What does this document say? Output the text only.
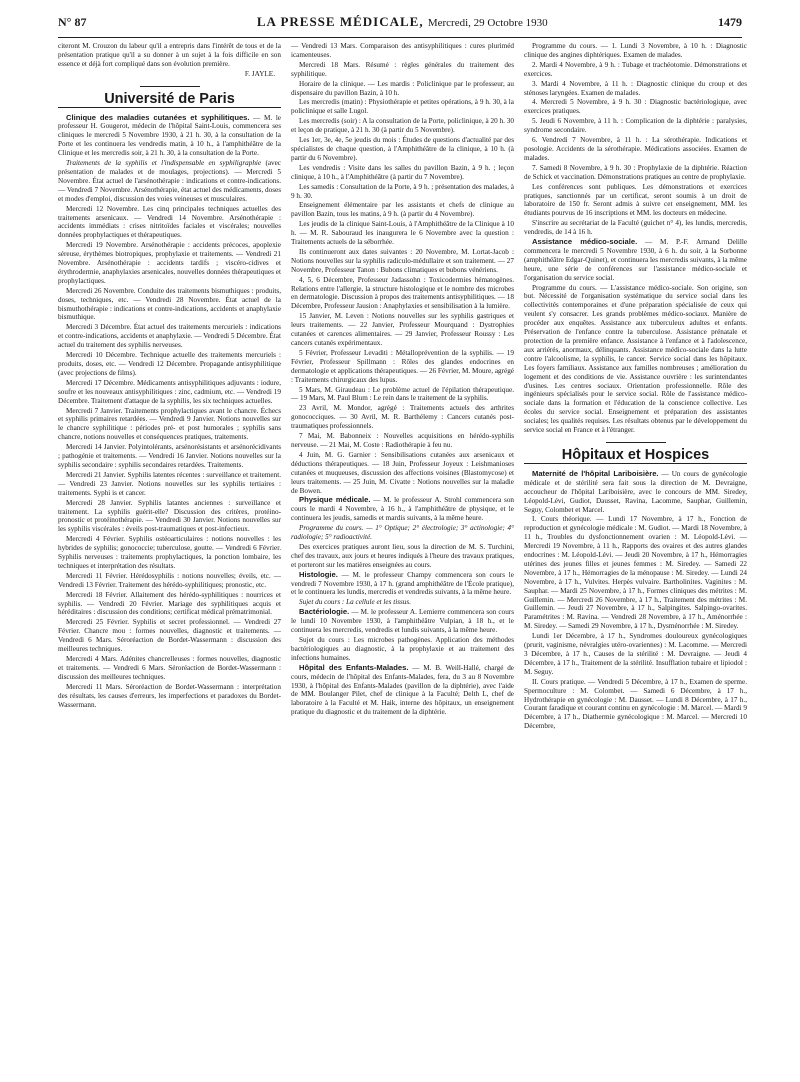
N° 87	LA PRESSE MÉDICALE, Mercredi, 29 Octobre 1930	1479

citeront M. Crouzon du labeur qu'il a entrepris dans l'intérêt de tous et de la présentation pratique qu'il a su donner à un sujet à la fois difficile en son essence et déjà fort compliqué dans son évolution première.

F. JAYLE.
Université de Paris

Clinique des maladies cutanées et syphilitiques. — M. le professeur H. Gougerot, médecin de l'hôpital Saint-Louis, commencera ses cliniques le mercredi 5 Novembre 1930, à 21 h. 30, à la consultation de la Porte et les continuera les vendredis matin, à 10 h., à l'amphithéâtre de la Clinique et les mercredis soir, à 21 h. 30, à la consultation de la Porte.

Traitements de la syphilis et l'indispensable en syphiligraphie (avec présentation de malades et de moulages, projections). — Mercredi 5 Novembre. État actuel de l'arsénothérapie : indications et contre-indications. — Vendredi 7 Novembre. Arsénothérapie, état actuel des médicaments, doses et modes d'emploi, discussion des voies veineuses et musculaires.

Mercredi 12 Novembre. Les cinq principales techniques actuelles des traitements arsenicaux. — Vendredi 14 Novembre. Arsénothérapie : accidents immédiats : crises nitritoïdes faciales et viscérales; nouvelles données prophylactiques et thérapeutiques.

Mercredi 19 Novembre. Arsénothérapie : accidents précoces, apoplexie séreuse, érythèmes biotropiques, prophylaxie et traitements. — Vendredi 21 Novembre. Arsénothérapie : accidents tardifs ; viscéro-cidives et érythrodermie, anaphylaxies arsenicales, nouvelles données thérapeutiques et prophylactiques.

Mercredi 26 Novembre. Conduite des traitements bismuthiques : produits, doses, techniques, etc. — Vendredi 28 Novembre. État actuel de la bismuthothérapie : indications et contre-indications, accidents et anaphylaxie bismuthique.

Mercredi 3 Décembre. État actuel des traitements mercuriels : indications et contre-indications, accidents et anaphylaxie. — Vendredi 5 Décembre. État actuel du traitement des syphilis nerveuses.

Mercredi 10 Décembre. Technique actuelle des traitements mercuriels : produits, doses, etc. — Vendredi 12 Décembre. Propagande antisyphilitique (avec projections de films).

Mercredi 17 Décembre. Médicaments antisyphilitiques adjuvants : iodure, soufre et les nouveaux antisyphilitiques : zinc, cadmium, etc. — Vendredi 19 Décembre. Traitement d'attaque de la syphilis, les six techniques actuelles.

Mercredi 7 Janvier. Traitements prophylactiques avant le chancre. Échecs et syphilis primaires retardées. — Vendredi 9 Janvier. Notions nouvelles sur le chancre syphilitique : périodes pré- et post humorales ; syphilis sans chancre, notions nouvelles et conséquences pratiques, traitements.

Mercredi 14 Janvier. Polyintolérants, arsénorésistants et arsénorécidivants ; pathogénie et traitements. — Vendredi 16 Janvier. Notions nouvelles sur la syphilis secondaire : syphilis secondaires retardées. Traitements.

Mercredi 21 Janvier. Syphilis latentes récentes : surveillance et traitement. — Vendredi 23 Janvier. Notions nouvelles sur les syphilis tertiaires : traitements. Syphi is et cancer.

Mercredi 28 Janvier. Syphilis latantes anciennes : surveillance et traitement. La syphilis guérit-elle? Discussion des critères, protéino-pronostic et protéinothérapie. — Vendredi 30 Janvier. Notions nouvelles sur les syphilis viscérales : éveils post-traumatiques et post-infectieux.

Mercredi 4 Février. Syphilis ostéoarticulaires : notions nouvelles : les hybrides de syphilis; gonococcie; tuberculose, goutte. — Vendredi 6 Février. Syphilis nerveuses : traitements prophylactiques, la ponction lombaire, les techniques et interprétation des résultats.

Mercredi 11 Février. Hérédosyphilis : notions nouvelles; éveils, etc. — Vendredi 13 Février. Traitement des hérédo-syphilitiques; pronostic, etc.

Mercredi 18 Février. Allaitement des hérédo-syphilitiques : nourrices et syphilis. — Vendredi 20 Février. Mariage des syphilitiques acquis et héréditaires : discussion des conditions; certificat médical prématrimonial.

Mercredi 25 Février. Syphilis et secret professionnel. — Vendredi 27 Février. Chancre mou : formes nouvelles, diagnostic et traitements. — Vendredi 6 Mars. Séroréaction de Bordet-Wassermann : discussion des meilleures techniques.

Mercredi 4 Mars. Adénites chancrelleuses : formes nouvelles, diagnostic et traitements. — Vendredi 6 Mars. Séroréaction de Bordet-Wassermann : discussion des meilleures techniques.

Mercredi 11 Mars. Séroréaction de Bordet-Wassermann : interprétation des résultats, les causes d'erreurs, les imperfections et paradoxes du Bordet-Wassermann.

— Vendredi 13 Mars. Comparaison des antisyphilitiques : cures pluriméd​icamenteuses.

Mercredi 18 Mars. Résumé : règles générales du traitement des syphilitique.

Horaire de la clinique. — Les mardis : Policlinique par le professeur, au dispensaire du pavillon Bazin, à 10 h.

Les mercredis (matin) : Physiothérapie et petites opérations, à 9 h. 30, à la policlinique et salle Lugol.

Les mercredis (soir) : A la consultation de la Porte, policlinique, à 20 h. 30 et leçon de pratique, à 21 h. 30 (à partir du 5 Novembre).

Les 1er, 3e, 4e, 5e jeudis du mois : Études de questions d'actualité par des spécialistes de chaque question, à l'Amphithéâtre de la clinique, à 10 h. (à partir du 6 Novembre).

Les vendredis : Visite dans les salles du pavillon Bazin, à 9 h. ; leçon clinique, à 10 h., à l'Amphithéâtre (à partir du 7 Novembre).

Les samedis : Consultation de la Porte, à 9 h. ; présentation des malades, à 9 h. 30.

Enseignement élémentaire par les assistants et chefs de clinique au pavillon Bazin, tous les matins, à 9 h. (à partir du 4 Novembre).

Les jeudis de la clinique Saint-Louis, à l'Amphithéâtre de la Clinique à 10 h. — M. R. Sabouraud les inaugurera le 6 Novembre avec la question : Traitements actuels de la séborrhée.

Ils continueront aux dates suivantes : 20 Novembre, M. Lortat-Jacob : Notions nouvelles sur la syphilis radiculo-médullaire et son traitement. — 27 Novembre, Professeur Tanon : Bubons climatiques et bubons vénériens.

4, 5, 6 Décembre, Professeur Jadassohn : Toxicodermies hématogènes. Relations entre l'allergie, la structure histologique et le nombre des microbes en dermatologie. Discussion à propos des traitements antisyphilitiques. — 18 Décembre, Professeur Jausion : Anaphylaxies et sensibilisation à la lumière.

15 Janvier, M. Leven : Notions nouvelles sur les syphilis gastriques et leurs traitements. — 22 Janvier, Professeur Mourquand : Dystrophies cutanées et carences alimentaires. — 29 Janvier, Professeur Roussy : Les cancers cutanés expérimentaux.

5 Février, Professeur Levaditi : Métalloprévention de la syphilis. — 19 Février, Professeur Spillmann : Rôles des glandes endocrines en dermatologie et applications thérapeutiques. — 26 Février, M. Moure, agrégé : Traitements chirurgicaux des lupus.

5 Mars, M. Giraudeau : Le problème actuel de l'épilation thérapeutique. — 19 Mars, M. Paul Blum : Le rein dans le traitement de la syphilis.

23 Avril, M. Mondor, agrégé : Traitements actuels des arthrites gonococciques. — 30 Avril, M. R. Barthélemy : Cancers cutanés post-traumatiques professionnels.

7 Mai, M. Babonneix : Nouvelles acquisitions en hérédo-syphilis nerveuse. — 21 Mai, M. Coste : Radiothérapie à feu nu.

4 Juin, M. G. Garnier : Sensibilisations cutanées aux arsenicaux et déductions thérapeutiques. — 18 Juin, Professeur Joyeux : Leishmanioses cutanées et muqueuses, discussion des affections voisines (Blastomycose) et leurs traitements. — 25 Juin, M. Civatte : Notions nouvelles sur la maladie de Bowen.

Physique médicale. — M. le professeur A. Strohl commencera son cours le mardi 4 Novembre, à 16 h., à l'amphithéâtre de physique, et le continuera les jeudis, samedis et mardis suivants, à la même heure.

Programme du cours. — 1° Optique; 2° électrologie; 3° actinologie; 4° radiologie; 5° radioactivité.

Des exercices pratiques auront lieu, sous la direction de M. S. Turchini, chef des travaux, aux jours et heures indiqués à l'heure des travaux pratiques, et porteront sur les matières enseignées au cours.

Histologie. — M. le professeur Champy commencera son cours le vendredi 7 Novembre 1930, à 17 h. (grand amphithéâtre de l'École pratique), et le continuera les lundis, mercredis et vendredis suivants, à la même heure.

Sujet du cours : La cellule et les tissus.

Bactériologie. — M. le professeur A. Lemierre commencera son cours le lundi 10 Novembre 1930, à l'amphithéâtre Vulpian, à 18 h., et le continuera les mercredis, vendredis et lundis suivants, à la même heure.

Sujet du cours : Les microbes pathogènes. Application des méthodes bactériologiques au diagnostic, à la prophylaxie et au traitement des infections humaines.

Hôpital des Enfants-Malades. — M. B. Weill-Hallé, chargé de cours, médecin de l'hôpital des Enfants-Malades, fera, du 3 au 8 Novembre 1930, à l'hôpital des Enfants-Malades (pavillon de la diphtérie), avec l'aide de MM. Boulanger Pilet, chef de clinique à la Faculté; Delth L, chef de laboratoire à la Faculté et M. Haik, interne des hôpitaux, un enseignement pratique du diagnostic et du traitement de la diphtérie.

Programme du cours. — 1. Lundi 3 Novembre, à 10 h. : Diagnostic clinique des angines diphtériques. Examen de malades.

2. Mardi 4 Novembre, à 9 h. : Tubage et trachéotomie. Démonstrations et exercices.

3. Mardi 4 Novembre, à 11 h. : Diagnostic clinique du croup et des sténoses laryngées. Examen de malades.

4. Mercredi 5 Novembre, à 9 h. 30 : Diagnostic bactériologique, avec exercices pratiques.

5. Jeudi 6 Novembre, à 11 h. : Complication de la diphtérie : paralysies, syndrome secondaire.

6. Vendredi 7 Novembre, à 11 h. : La sérothérapie. Indications et posologie. Accidents de la sérothérapie. Médications associées. Examen de malades.

7. Samedi 8 Novembre, à 9 h. 30 : Prophylaxie de la diphtérie. Réaction de Schick et vaccination. Démonstrations pratiques au centre de prophylaxie.

Les conférences sont publiques. Les démonstrations et exercices pratiques, sanctionnés par un certificat, seront soumis à un droit de laboratoire de 150 fr. Seront admis à suivre cet enseignement, MM. les étudiants pourvus de 16 inscriptions et MM. les docteurs en médecine.

S'inscrire au secrétariat de la Faculté (guichet n° 4), les lundis, mercredis, vendredis, de 14 à 16 h.

Assistance médico-sociale. — M. P.-F. Armand Delille commencera le mercredi 5 Novembre 1930, à 6 h. du soir, à la Sorbonne (amphithéâtre Edgar-Quinet), et continuera les mercredis suivants, à la même heure, une série de conférences sur l'assistance médico-sociale et l'organisation du service social.

Programme du cours. — L'assistance médico-sociale. Son origine, son but. Nécessité de l'organisation systématique du service social dans les collectivités contemporaines et d'une préparation spécialisée de ceux qui veulent s'y consacrer. Les grands problèmes médico-sociaux. Manière de procéder aux enquêtes. Assistance aux tuberculeux adultes et enfants. Préservation de l'enfance contre la tuberculose. Assistance prénatale et protection de la première enfance. Assistance à l'enfance et à l'adolescence, aux arriérés, anormaux, délinquants. Assistance médico-sociale dans la lutte contre l'alcoolisme, la syphilis, le cancer. Service social dans les hôpitaux. Les foyers familiaux. Assistance aux familles nombreuses ; amélioration du logement et des conditions de vie. Assistance ouvrière : les surintendantes d'usines. Les centres sociaux. Orientation professionnelle. Rôle des ingénieurs spécialisés pour le service social. Rôle de l'assistance médico-sociale dans la formation et l'éducation de la conscience collective. Les écoles du service social. Enseignement et préparation des assistantes sociales; les qualités requises. Les résultats obtenus par le développement du service social en France et à l'étranger.

Hôpitaux et Hospices

Maternité de l'hôpital Lariboisière. — Un cours de gynécologie médicale et de stérilité sera fait sous la direction de M. Devraigne, accoucheur de l'hôpital Lariboisière, avec le concours de MM. Siredey, Léopold-Lévi, Gudiot, Dausset, Ravina, Lacomme, Sauphar, Guillemin, Seguy, Colombet et Marcel.

I. Cours théorique. — Lundi 17 Novembre, à 17 h., Fonction de reproduction et gynécologie médicale : M. Gudiot. — Mardi 18 Novembre, à 11 h., Troubles du dysfonctionnement ovarien : M. Léopold-Lévi. — Mercredi 19 Novembre, à 11 h., Rapports des ovaires et des autres glandes endocrines : M. Léopold-Lévi. — Jeudi 20 Novembre, à 17 h., Hémorragies utérines des jeunes filles et jeunes femmes : M. Siredey. — Samedi 22 Novembre, à 17 h., Hémorragies de la ménopause : M. Siredey. — Lundi 24 Novembre, à 17 h., Vulvites. Herpès vulvaire. Bartholinites. Vaginites : M. Sauphar. — Mardi 25 Novembre, à 17 h., Formes cliniques des métrites : M. Guillemin. — Mercredi 26 Novembre, à 17 h., Traitement des métrites : M. Guillemin. — Jeudi 27 Novembre, à 17 h., Salpingites. Salpingo-ovarites. Paramétrites : M. Ravina. — Vendredi 28 Novembre, à 17 h., Aménorrhée : M. Siredey. — Samedi 29 Novembre, à 17 h., Dysménorrhée : M. Siredey.

Lundi 1er Décembre, à 17 h., Syndromes douloureux gynécologiques (prurit, vaginisme, névralgies utéro-ovariennes) : M. Lacomme. — Mercredi 3 Décembre, à 17 h., Causes de la stérilité : M. Devraigne. — Jeudi 4 Décembre, à 17 h., Traitement de la stérilité. Insufflation tubaire et lipiodol : M. Seguy.

II. Cours pratique. — Vendredi 5 Décembre, à 17 h., Examen de sperme. Spermoculture : M. Colombet. — Samedi 6 Décembre, à 17 h., Hydrothérapie en gynécologie : M. Dausset. — Lundi 8 Décembre, à 17 h., Courant faradique et courant continu en gynécologie : M. Marcel. — Mardi 9 Décembre, à 17 h., Diathermie gynécologique : M. Marcel. — Mercredi 10 Décembre,
